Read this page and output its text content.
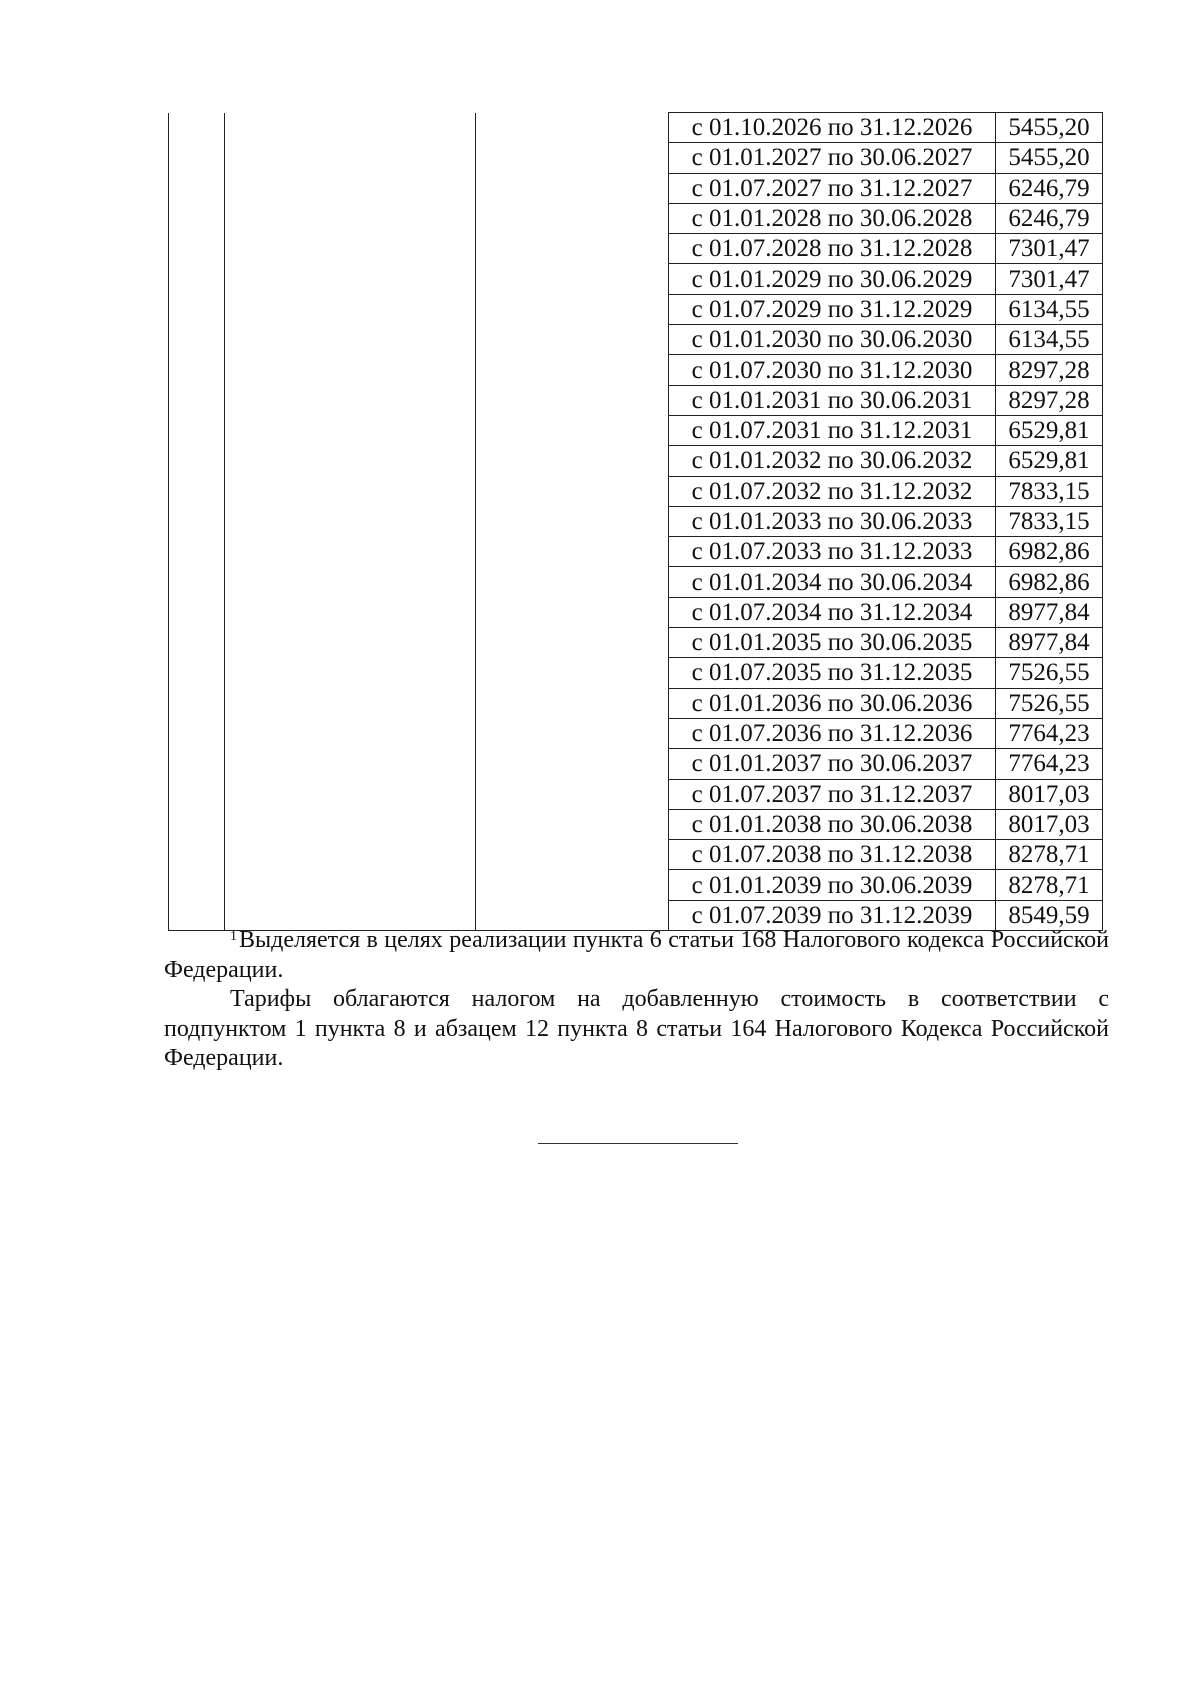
			с 01.10.2026 по 31.12.2026	5455,20
			с 01.01.2027 по 30.06.2027	5455,20
			с 01.07.2027 по 31.12.2027	6246,79
			с 01.01.2028 по 30.06.2028	6246,79
			с 01.07.2028 по 31.12.2028	7301,47
			с 01.01.2029 по 30.06.2029	7301,47
			с 01.07.2029 по 31.12.2029	6134,55
			с 01.01.2030 по 30.06.2030	6134,55
			с 01.07.2030 по 31.12.2030	8297,28
			с 01.01.2031 по 30.06.2031	8297,28
			с 01.07.2031 по 31.12.2031	6529,81
			с 01.01.2032 по 30.06.2032	6529,81
			с 01.07.2032 по 31.12.2032	7833,15
			с 01.01.2033 по 30.06.2033	7833,15
			с 01.07.2033 по 31.12.2033	6982,86
			с 01.01.2034 по 30.06.2034	6982,86
			с 01.07.2034 по 31.12.2034	8977,84
			с 01.01.2035 по 30.06.2035	8977,84
			с 01.07.2035 по 31.12.2035	7526,55
			с 01.01.2036 по 30.06.2036	7526,55
			с 01.07.2036 по 31.12.2036	7764,23
			с 01.01.2037 по 30.06.2037	7764,23
			с 01.07.2037 по 31.12.2037	8017,03
			с 01.01.2038 по 30.06.2038	8017,03
			с 01.07.2038 по 31.12.2038	8278,71
			с 01.01.2039 по 30.06.2039	8278,71
			с 01.07.2039 по 31.12.2039	8549,59

$^1$Выделяется в целях реализации пункта 6 статьи 168 Налогового кодекса Российской Федерации.

Тарифы облагаются налогом на добавленную стоимость в соответствии с подпунктом 1 пункта 8 и абзацем 12 пункта 8 статьи 164 Налогового Кодекса Российской Федерации.
